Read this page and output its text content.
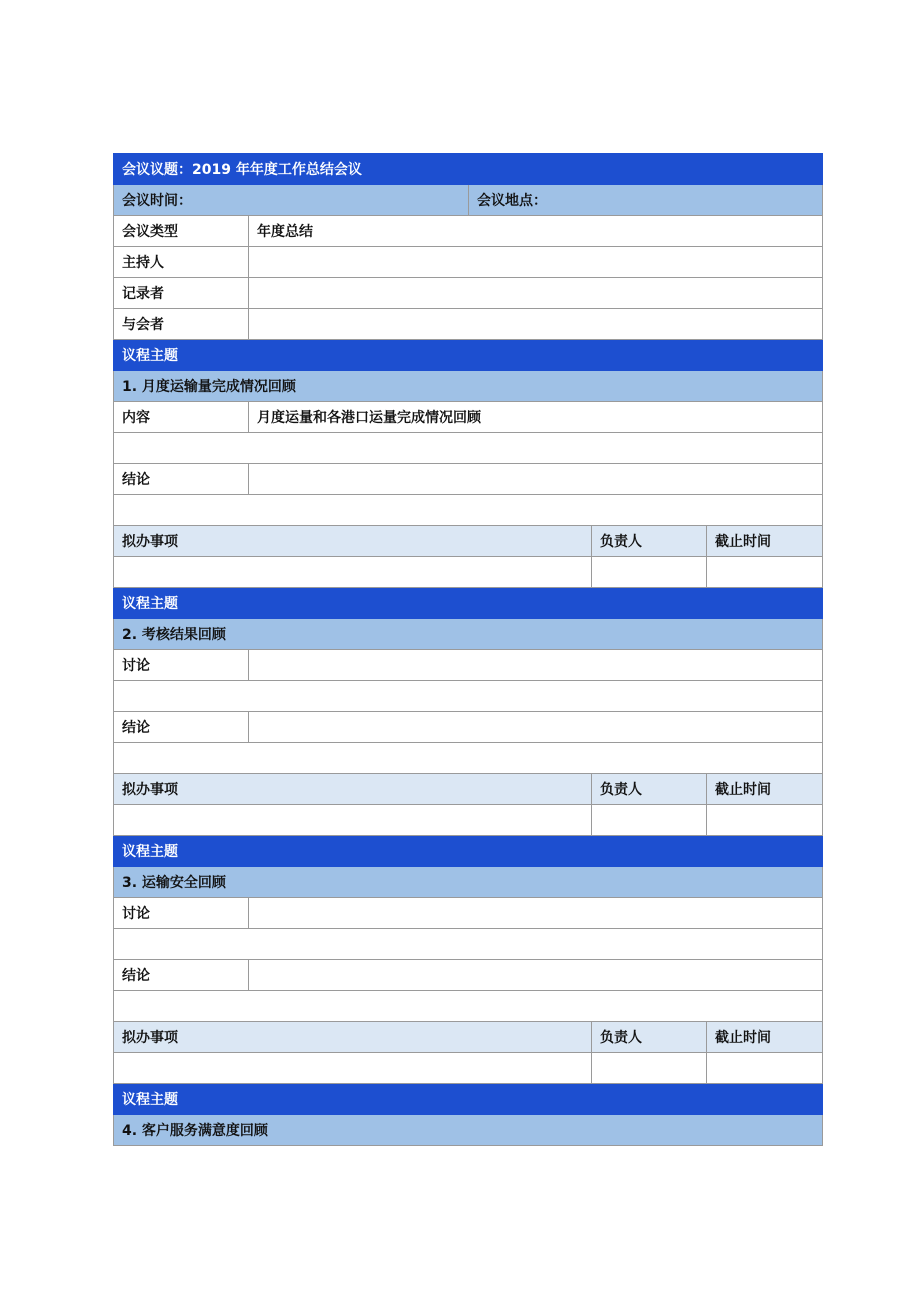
会议议题：2019 年年度工作总结会议				
会议时间：		会议地点：		
会议类型	年度总结			
主持人				
记录者				
与会者				
议程主题				
1. 月度运输量完成情况回顾				
内容	月度运量和各港口运量完成情况回顾			

结论				

拟办事项			负责人	截止时间

议程主题				
2. 考核结果回顾				
讨论				

结论				

拟办事项			负责人	截止时间

议程主题				
3. 运输安全回顾				
讨论				

结论				

拟办事项			负责人	截止时间

议程主题				
4. 客户服务满意度回顾				
